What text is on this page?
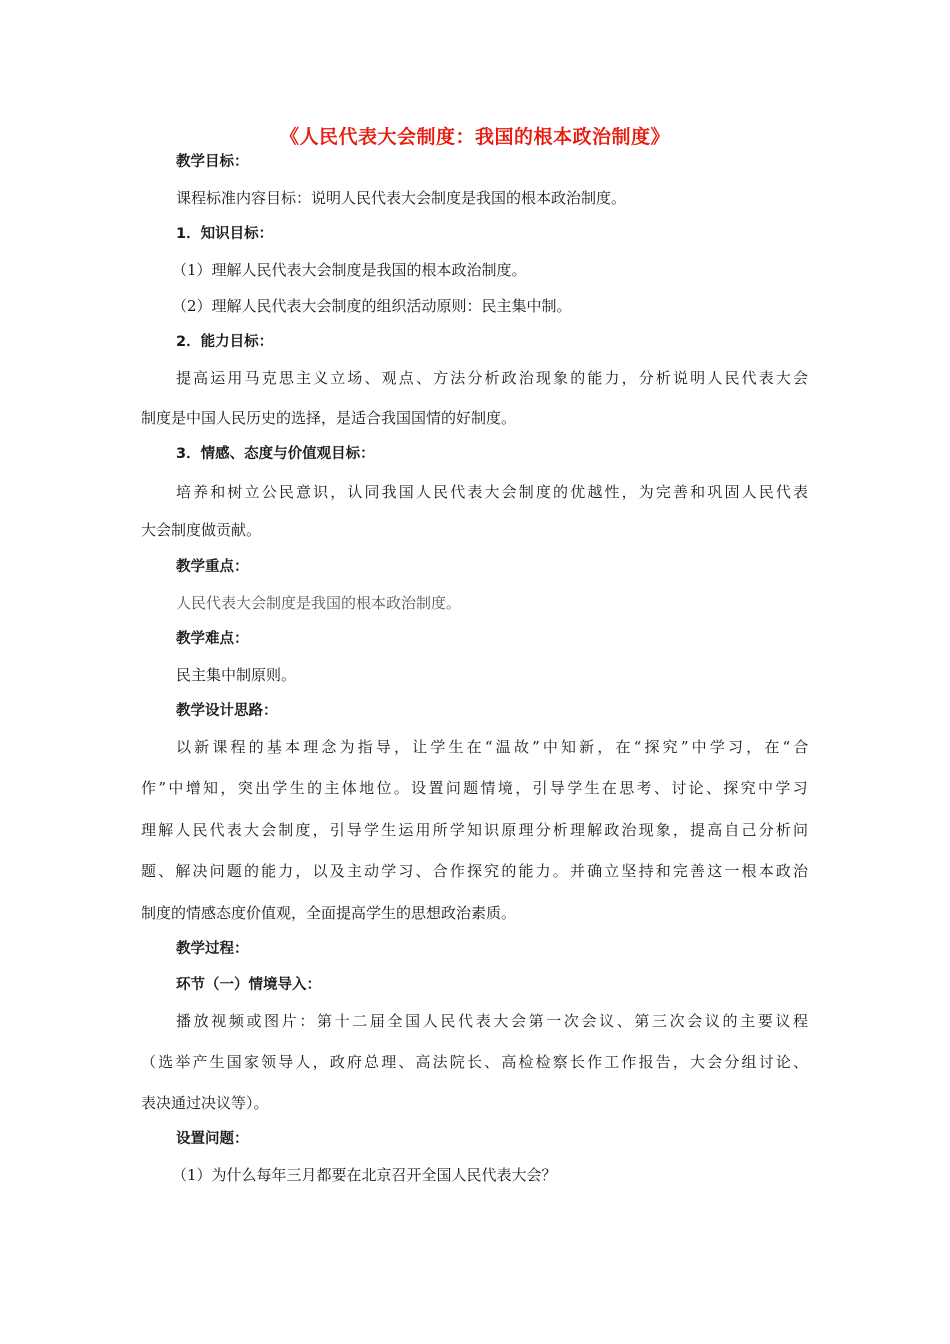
《人民代表大会制度：我国的根本政治制度》
教学目标：
课程标准内容目标：说明人民代表大会制度是我国的根本政治制度。
1．知识目标：
（1）理解人民代表大会制度是我国的根本政治制度。
（2）理解人民代表大会制度的组织活动原则：民主集中制。
2．能力目标：
提高运用马克思主义立场、观点、方法分析政治现象的能力，分析说明人民代表大会
制度是中国人民历史的选择，是适合我国国情的好制度。
3．情感、态度与价值观目标：
培养和树立公民意识，认同我国人民代表大会制度的优越性，为完善和巩固人民代表
大会制度做贡献。
教学重点：
人民代表大会制度是我国的根本政治制度。
教学难点：
民主集中制原则。
教学设计思路：
以新课程的基本理念为指导，让学生在“温故”中知新，在“探究”中学习，在“合
作”中增知，突出学生的主体地位。设置问题情境，引导学生在思考、讨论、探究中学习
理解人民代表大会制度，引导学生运用所学知识原理分析理解政治现象，提高自己分析问
题、解决问题的能力，以及主动学习、合作探究的能力。并确立坚持和完善这一根本政治
制度的情感态度价值观，全面提高学生的思想政治素质。
教学过程：
环节（一）情境导入：
播放视频或图片：第十二届全国人民代表大会第一次会议、第三次会议的主要议程
（选举产生国家领导人，政府总理、高法院长、高检检察长作工作报告，大会分组讨论、
表决通过决议等）。
设置问题：
（1）为什么每年三月都要在北京召开全国人民代表大会？
